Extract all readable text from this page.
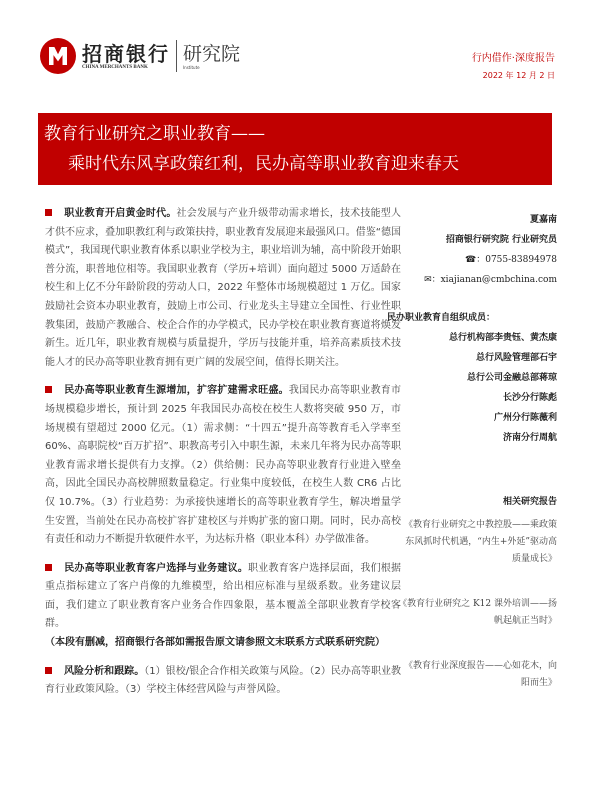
招商银行
CHINA MERCHANTS BANK
研究院
Institute
行内借作·深度报告
2022 年 12 月 2 日
教育行业研究之职业教育——
乘时代东风享政策红利，民办高等职业教育迎来春天
职业教育开启黄金时代。社会发展与产业升级带动需求增长，技术技能型人才供不应求，叠加职教红利与政策扶持，职业教育发展迎来最强风口。借鉴“德国模式”，我国现代职业教育体系以职业学校为主，职业培训为辅，高中阶段开始职普分流，职普地位相等。我国职业教育（学历+培训）面向超过 5000 万适龄在校生和上亿不分年龄阶段的劳动人口，2022 年整体市场规模超过 1 万亿。国家鼓励社会资本办职业教育，鼓励上市公司、行业龙头主导建立全国性、行业性职教集团，鼓励产教融合、校企合作的办学模式，民办学校在职业教育赛道将焕发新生。近几年，职业教育规模与质量提升，学历与技能并重，培养高素质技术技能人才的民办高等职业教育拥有更广阔的发展空间，值得长期关注。
民办高等职业教育生源增加，扩容扩建需求旺盛。我国民办高等职业教育市场规模稳步增长，预计到 2025 年我国民办高校在校生人数将突破 950 万，市场规模有望超过 2000 亿元。（1）需求侧：“十四五”提升高等教育毛入学率至 60%、高职院校“百万扩招”、职教高考引入中职生源，未来几年将为民办高等职业教育需求增长提供有力支撑。（2）供给侧：民办高等职业教育行业进入壁垒高，因此全国民办高校牌照数量稳定。行业集中度较低，在校生人数 CR6 占比仅 10.7%。（3）行业趋势：为承接快速增长的高等职业教育学生，解决增量学生安置，当前处在民办高校扩容扩建校区与并购扩张的窗口期。同时，民办高校有责任和动力不断提升软硬件水平，为达标升格（职业本科）办学做准备。
民办高等职业教育客户选择与业务建议。职业教育客户选择层面，我们根据重点指标建立了客户肖像的九维模型，给出相应标准与星级系数。业务建议层面，我们建立了职业教育客户业务合作四象限，基本覆盖全部职业教育学校客群。
（本段有删减，招商银行各部如需报告原文请参照文末联系方式联系研究院）
风险分析和跟踪。（1）银校/银企合作相关政策与风险。（2）民办高等职业教育行业政策风险。（3）学校主体经营风险与声誉风险。
夏嘉南
招商银行研究院 行业研究员
☎：0755-83894978
✉：xiajianan@cmbchina.com
民办职业教育自组织成员：
总行机构部李贵钰、黄杰康
总行风险管理部石宇
总行公司金融总部蒋琼
长沙分行陈彪
广州分行陈薇利
济南分行周航
相关研究报告
《教育行业研究之中教控股——乘政策东风抓时代机遇，“内生+外延”驱动高质量成长》
《教育行业研究之 K12 课外培训——扬帆起航正当时》
《教育行业深度报告——心如花木，向阳而生》
